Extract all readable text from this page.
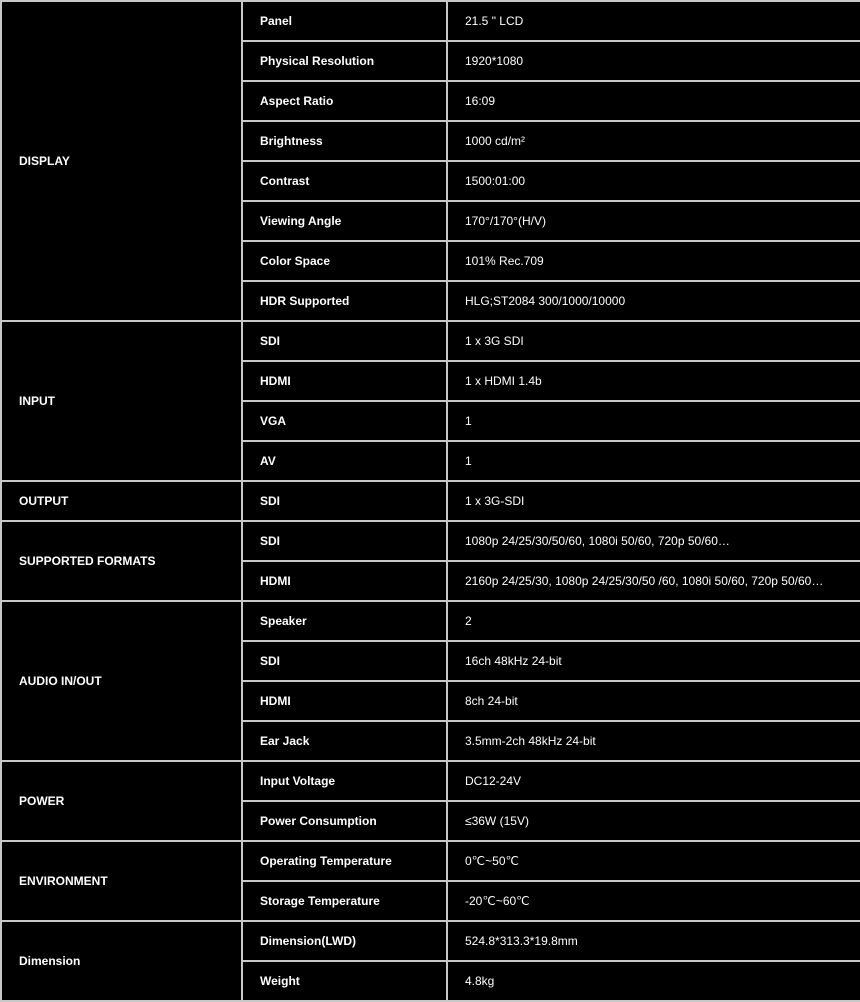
DISPLAY	Panel	21.5 " LCD
	Physical Resolution	1920*1080
	Aspect Ratio	16:09
	Brightness	1000 cd/m²
	Contrast	1500:01:00
	Viewing Angle	170°/170°(H/V)
	Color Space	101% Rec.709
	HDR Supported	HLG;ST2084 300/1000/10000
INPUT	SDI	1 x 3G SDI
	HDMI	1 x HDMI 1.4b
	VGA	1
	AV	1
OUTPUT	SDI	1 x 3G-SDI
SUPPORTED FORMATS	SDI	1080p 24/25/30/50/60, 1080i 50/60, 720p 50/60…
	HDMI	2160p 24/25/30, 1080p 24/25/30/50 /60, 1080i 50/60, 720p 50/60…
AUDIO IN/OUT	Speaker	2
	SDI	16ch 48kHz 24-bit
	HDMI	8ch 24-bit
	Ear Jack	3.5mm-2ch 48kHz 24-bit
POWER	Input Voltage	DC12-24V
	Power Consumption	≤36W (15V)
ENVIRONMENT	Operating Temperature	0℃~50℃
	Storage Temperature	-20℃~60℃
Dimension	Dimension(LWD)	524.8*313.3*19.8mm
	Weight	4.8kg
